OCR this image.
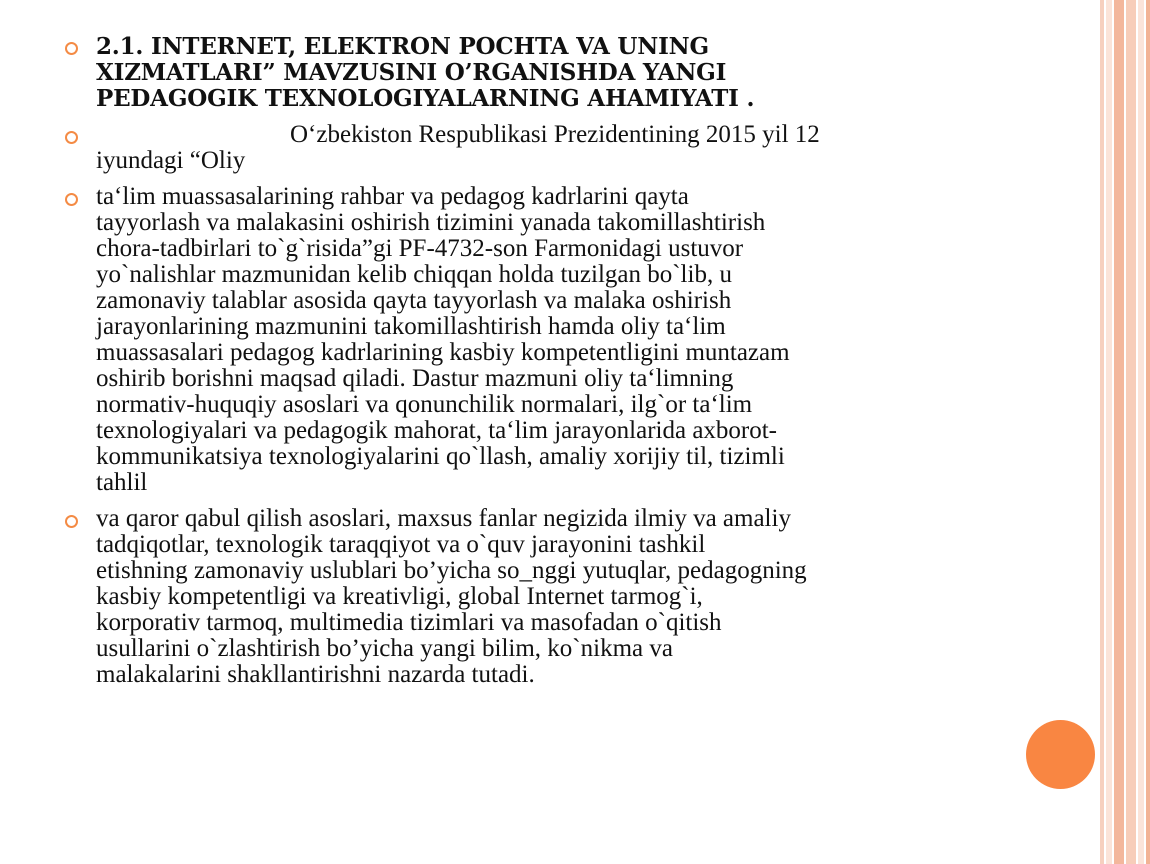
2.1. INTERNET, ELEKTRON POCHTA VA UNING
XIZMATLARI” MAVZUSINI O’RGANISHDA YANGI
PEDAGOGIK TEXNOLOGIYALARNING AHAMIYATI .
Oʻzbekiston Respublikasi Prezidentining 2015 yil 12
iyundagi “Oliy
taʻlim muassasalarining rahbar va pedagog kadrlarini qayta
tayyorlash va malakasini oshirish tizimini yanada takomillashtirish
chora-tadbirlari to`g`risida”gi PF-4732-son Farmonidagi ustuvor
yo`nalishlar mazmunidan kelib chiqqan holda tuzilgan bo`lib, u
zamonaviy talablar asosida qayta tayyorlash va malaka oshirish
jarayonlarining mazmunini takomillashtirish hamda oliy taʻlim
muassasalari pedagog kadrlarining kasbiy kompetentligini muntazam
oshirib borishni maqsad qiladi. Dastur mazmuni oliy taʻlimning
normativ-huquqiy asoslari va qonunchilik normalari, ilg`or taʻlim
texnologiyalari va pedagogik mahorat, taʻlim jarayonlarida axborot-
kommunikatsiya texnologiyalarini qo`llash, amaliy xorijiy til, tizimli
tahlil
va qaror qabul qilish asoslari, maxsus fanlar negizida ilmiy va amaliy
tadqiqotlar, texnologik taraqqiyot va o`quv jarayonini tashkil
etishning zamonaviy uslublari bo’yicha so_nggi yutuqlar, pedagogning
kasbiy kompetentligi va kreativligi, global Internet tarmog`i,
korporativ tarmoq, multimedia tizimlari va masofadan o`qitish
usullarini o`zlashtirish bo’yicha yangi bilim, ko`nikma va
malakalarini shakllantirishni nazarda tutadi.
